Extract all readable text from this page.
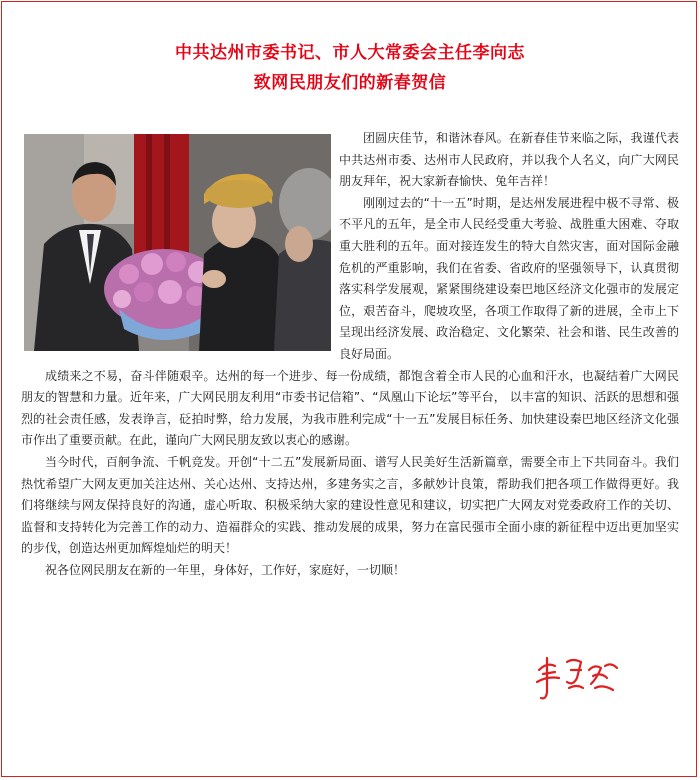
中共达州市委书记、市人大常委会主任李向志
致网民朋友们的新春贺信

团圆庆佳节，和谐沐春风。在新春佳节来临之际，我谨代表中共达州市委、达州市人民政府，并以我个人名义，向广大网民朋友拜年，祝大家新春愉快、兔年吉祥！

刚刚过去的“十一五”时期，是达州发展进程中极不寻常、极不平凡的五年，是全市人民经受重大考验、战胜重大困难、夺取重大胜利的五年。面对接连发生的特大自然灾害，面对国际金融危机的严重影响，我们在省委、省政府的坚强领导下，认真贯彻落实科学发展观，紧紧围绕建设秦巴地区经济文化强市的发展定位，艰苦奋斗，爬坡攻坚，各项工作取得了新的进展，全市上下呈现出经济发展、政治稳定、文化繁荣、社会和谐、民生改善的良好局面。

成绩来之不易，奋斗伴随艰辛。达州的每一个进步、每一份成绩，都饱含着全市人民的心血和汗水，也凝结着广大网民朋友的智慧和力量。近年来，广大网民朋友利用“市委书记信箱”、“凤凰山下论坛”等平台， 以丰富的知识、活跃的思想和强烈的社会责任感，发表诤言，砭拍时弊，给力发展，为我市胜利完成“十一五”发展目标任务、加快建设秦巴地区经济文化强市作出了重要贡献。在此，谨向广大网民朋友致以衷心的感谢。

当今时代，百舸争流、千帆竞发。开创“十二五”发展新局面、谱写人民美好生活新篇章，需要全市上下共同奋斗。我们热忱希望广大网友更加关注达州、关心达州、支持达州，多建务实之言，多献妙计良策，帮助我们把各项工作做得更好。我们将继续与网友保持良好的沟通，虚心听取、积极采纳大家的建设性意见和建议，切实把广大网友对党委政府工作的关切、监督和支持转化为完善工作的动力、造福群众的实践、推动发展的成果，努力在富民强市全面小康的新征程中迈出更加坚实的步伐，创造达州更加辉煌灿烂的明天！

祝各位网民朋友在新的一年里，身体好，工作好，家庭好，一切顺！
